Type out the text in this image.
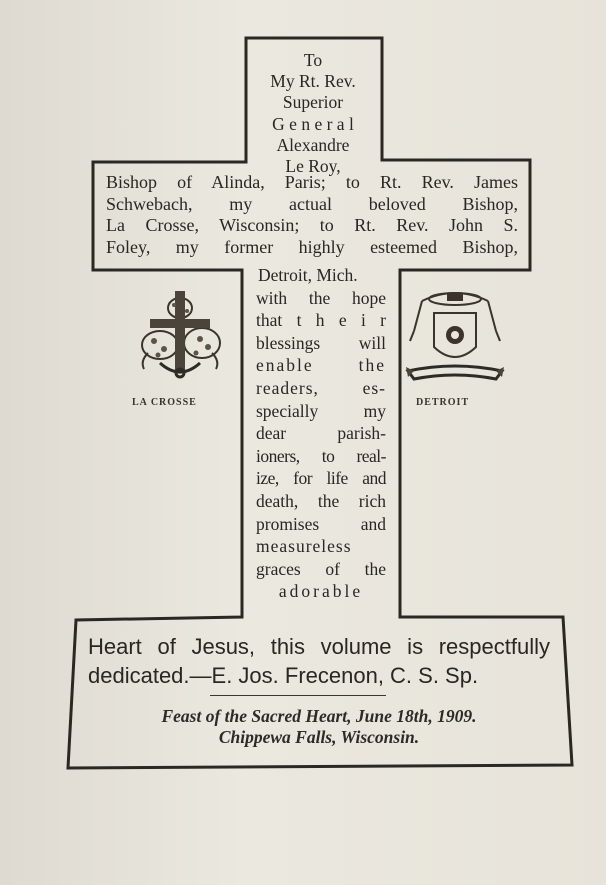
To
My Rt. Rev.
Superior
G e n e r a l
Alexandre
Le Roy,
Bishop of Alinda, Paris; to Rt. Rev. James
Schwebach, my actual beloved Bishop,
La Crosse, Wisconsin; to Rt. Rev. John S.
Foley, my former highly esteemed Bishop,
Detroit, Mich.
with the hope
that t h e i r
blessings will
enable the
readers, es-
specially my
dear parish-
ioners, to real-
ize, for life and
death, the rich
promises and
measureless
graces of the
adorable
Heart of Jesus, this volume is respectfully
dedicated.—E. Jos. Frecenon, C. S. Sp.
Feast of the Sacred Heart, June 18th, 1909.
Chippewa Falls, Wisconsin.
LA CROSSE	DETROIT
